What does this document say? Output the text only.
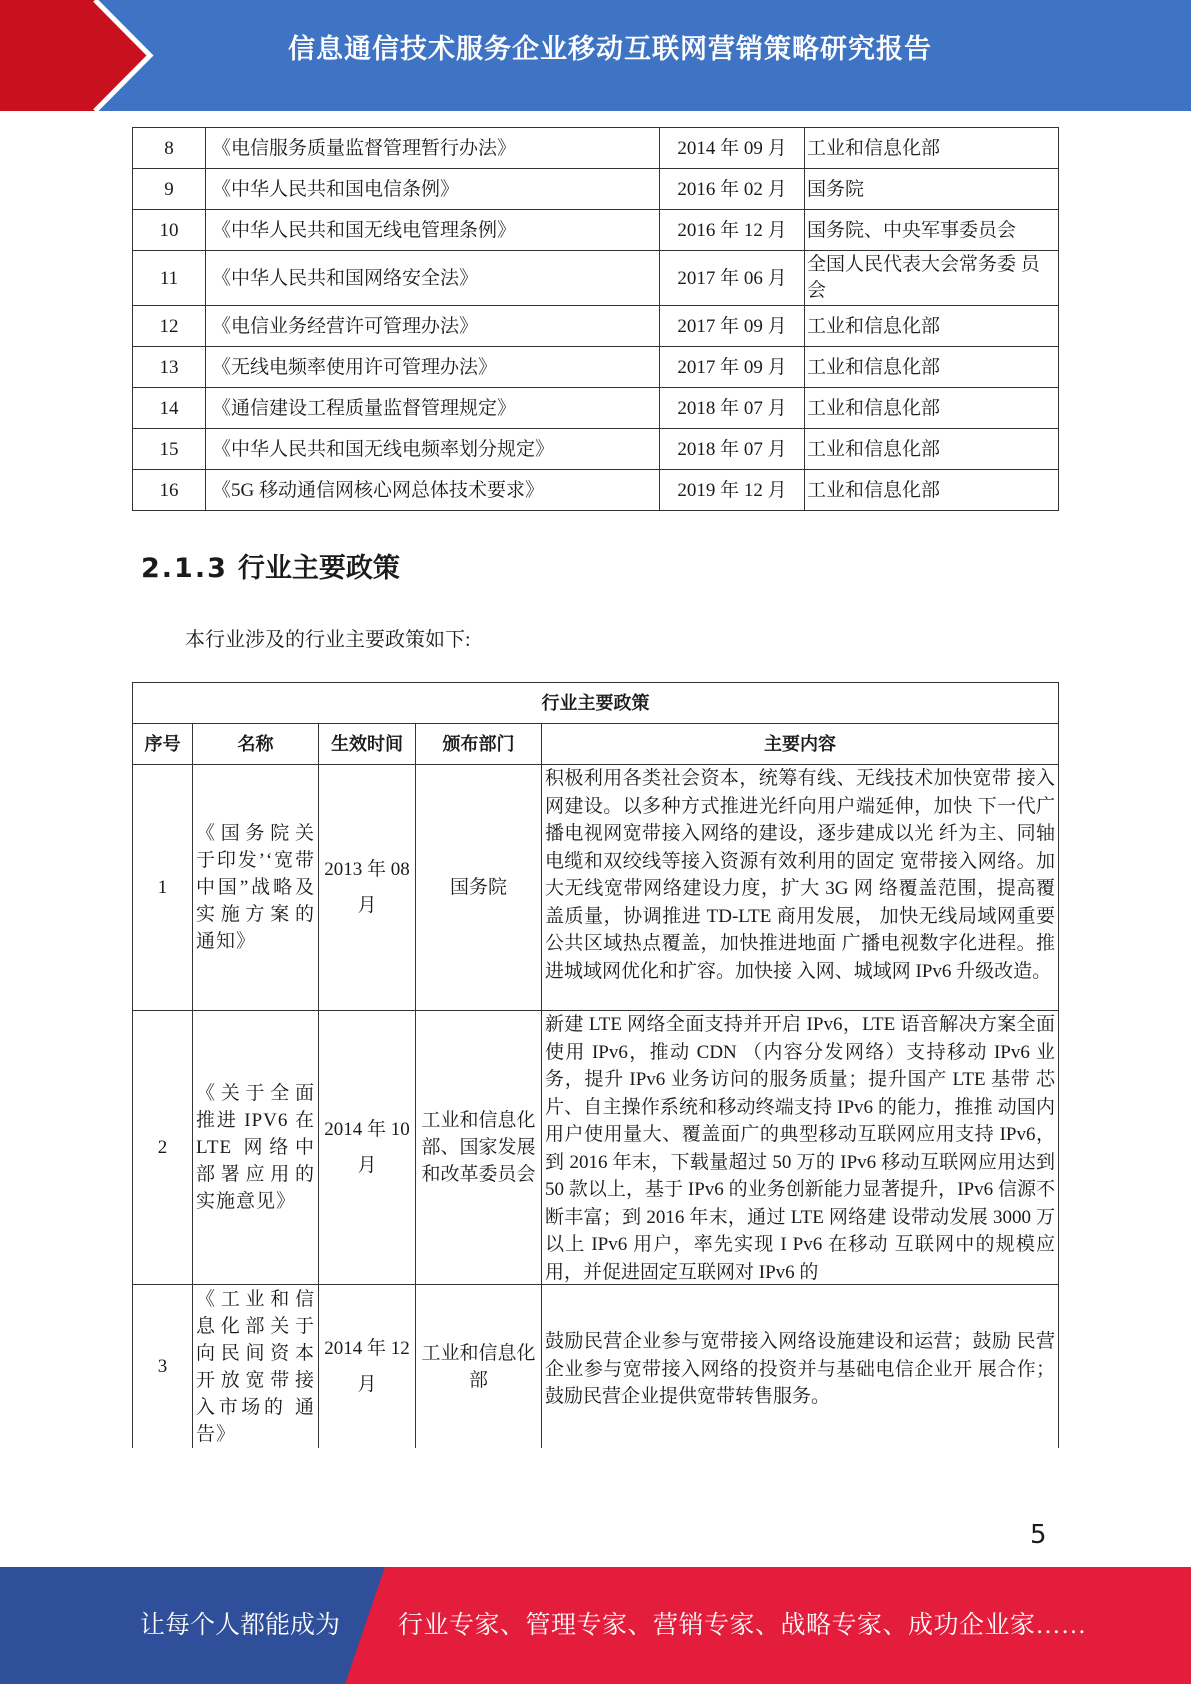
信息通信技术服务企业移动互联网营销策略研究报告
8	《电信服务质量监督管理暂行办法》	2014 年 09 月	工业和信息化部
9	《中华人民共和国电信条例》	2016 年 02 月	国务院
10	《中华人民共和国无线电管理条例》	2016 年 12 月	国务院、中央军事委员会
11	《中华人民共和国网络安全法》	2017 年 06 月	全国人民代表大会常务委 员会
12	《电信业务经营许可管理办法》	2017 年 09 月	工业和信息化部
13	《无线电频率使用许可管理办法》	2017 年 09 月	工业和信息化部
14	《通信建设工程质量监督管理规定》	2018 年 07 月	工业和信息化部
15	《中华人民共和国无线电频率划分规定》	2018 年 07 月	工业和信息化部
16	《5G 移动通信网核心网总体技术要求》	2019 年 12 月	工业和信息化部
2.1.3 行业主要政策
本行业涉及的行业主要政策如下:
行业主要政策				
序号	名称	生效时间	颁布部门	主要内容
1	《国务院关于印发’‘宽带中国”战略及实施方案的通知》	2013 年 08 月	国务院	积极利用各类社会资本，统筹有线、无线技术加快宽带 接入网建设。以多种方式推进光纤向用户端延伸，加快 下一代广播电视网宽带接入网络的建设，逐步建成以光 纤为主、同轴电缆和双绞线等接入资源有效利用的固定 宽带接入网络。加大无线宽带网络建设力度，扩大 3G 网 络覆盖范围，提高覆盖质量，协调推进 TD-LTE 商用发展， 加快无线局域网重要公共区域热点覆盖，加快推进地面 广播电视数字化进程。推进城域网优化和扩容。加快接 入网、城域网 IPv6 升级改造。
2	《关于全面推进 IPV6 在 LTE 网络中部署应用的实施意见》	2014 年 10 月	工业和信息化部、国家发展和改革委员会	新建 LTE 网络全面支持并开启 IPv6，LTE 语音解决方案全面使用 IPv6，推动 CDN （内容分发网络）支持移动 IPv6 业务，提升 IPv6 业务访问的服务质量；提升国产 LTE 基带 芯片、自主操作系统和移动终端支持 IPv6 的能力，推推 动国内用户使用量大、覆盖面广的典型移动互联网应用支持 IPv6，到 2016 年末，下载量超过 50 万的 IPv6 移动互联网应用达到 50 款以上，基于 IPv6 的业务创新能力显著提升，IPv6 信源不断丰富；到 2016 年末，通过 LTE 网络建 设带动发展 3000 万以上 IPv6 用户，率先实现 I Pv6 在移动 互联网中的规模应用，并促进固定互联网对 IPv6 的

3	《工业和信息化部关于向民间资本开放宽带接入市场的 通告》	2014 年 12 月	工业和信息化部	鼓励民营企业参与宽带接入网络设施建设和运营；鼓励 民营企业参与宽带接入网络的投资并与基础电信企业开 展合作；鼓励民营企业提供宽带转售服务。
5
让每个人都能成为 行业专家、管理专家、营销专家、战略专家、成功企业家……
